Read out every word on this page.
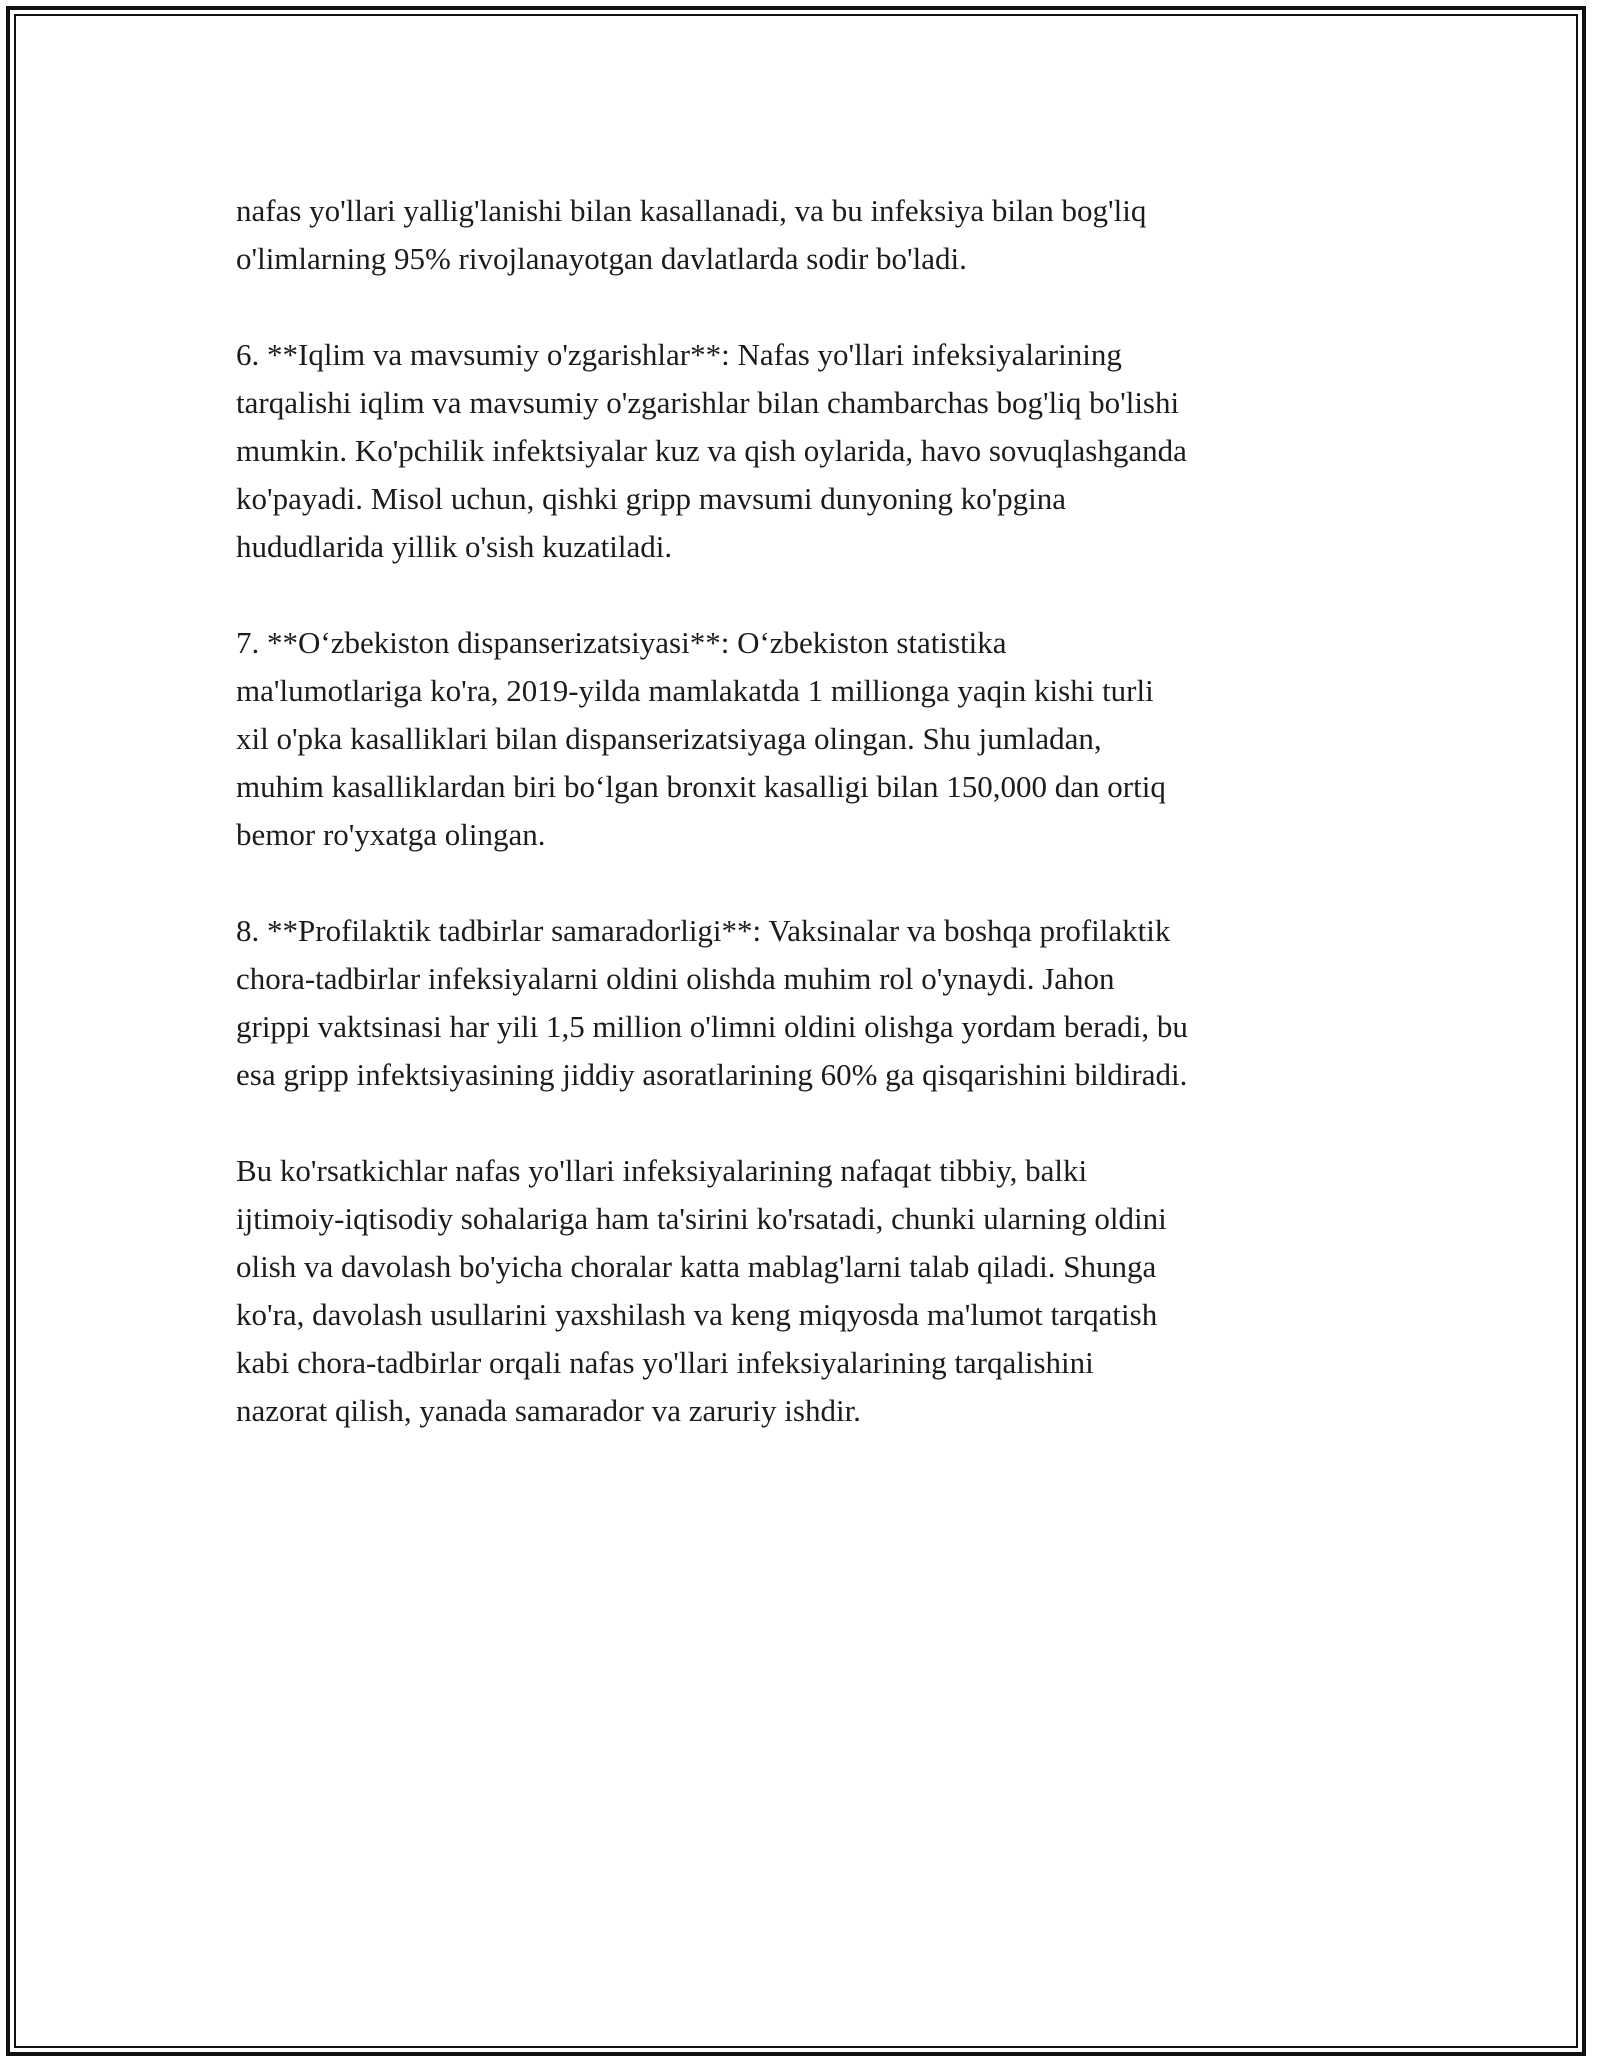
nafas yo'llari yallig'lanishi bilan kasallanadi, va bu infeksiya bilan bog'liq
o'limlarning 95% rivojlanayotgan davlatlarda sodir bo'ladi.

6. **Iqlim va mavsumiy o'zgarishlar**: Nafas yo'llari infeksiyalarining
tarqalishi iqlim va mavsumiy o'zgarishlar bilan chambarchas bog'liq bo'lishi
mumkin. Ko'pchilik infektsiyalar kuz va qish oylarida, havo sovuqlashganda
ko'payadi. Misol uchun, qishki gripp mavsumi dunyoning ko'pgina
hududlarida yillik o'sish kuzatiladi.

7. **Oʻzbekiston dispanserizatsiyasi**: Oʻzbekiston statistika
ma'lumotlariga ko'ra, 2019-yilda mamlakatda 1 millionga yaqin kishi turli
xil o'pka kasalliklari bilan dispanserizatsiyaga olingan. Shu jumladan,
muhim kasalliklardan biri boʻlgan bronxit kasalligi bilan 150,000 dan ortiq
bemor ro'yxatga olingan.

8. **Profilaktik tadbirlar samaradorligi**: Vaksinalar va boshqa profilaktik
chora-tadbirlar infeksiyalarni oldini olishda muhim rol o'ynaydi. Jahon
grippi vaktsinasi har yili 1,5 million o'limni oldini olishga yordam beradi, bu
esa gripp infektsiyasining jiddiy asoratlarining 60% ga qisqarishini bildiradi.

Bu ko'rsatkichlar nafas yo'llari infeksiyalarining nafaqat tibbiy, balki
ijtimoiy-iqtisodiy sohalariga ham ta'sirini ko'rsatadi, chunki ularning oldini
olish va davolash bo'yicha choralar katta mablag'larni talab qiladi. Shunga
ko'ra, davolash usullarini yaxshilash va keng miqyosda ma'lumot tarqatish
kabi chora-tadbirlar orqali nafas yo'llari infeksiyalarining tarqalishini
nazorat qilish, yanada samarador va zaruriy ishdir.
